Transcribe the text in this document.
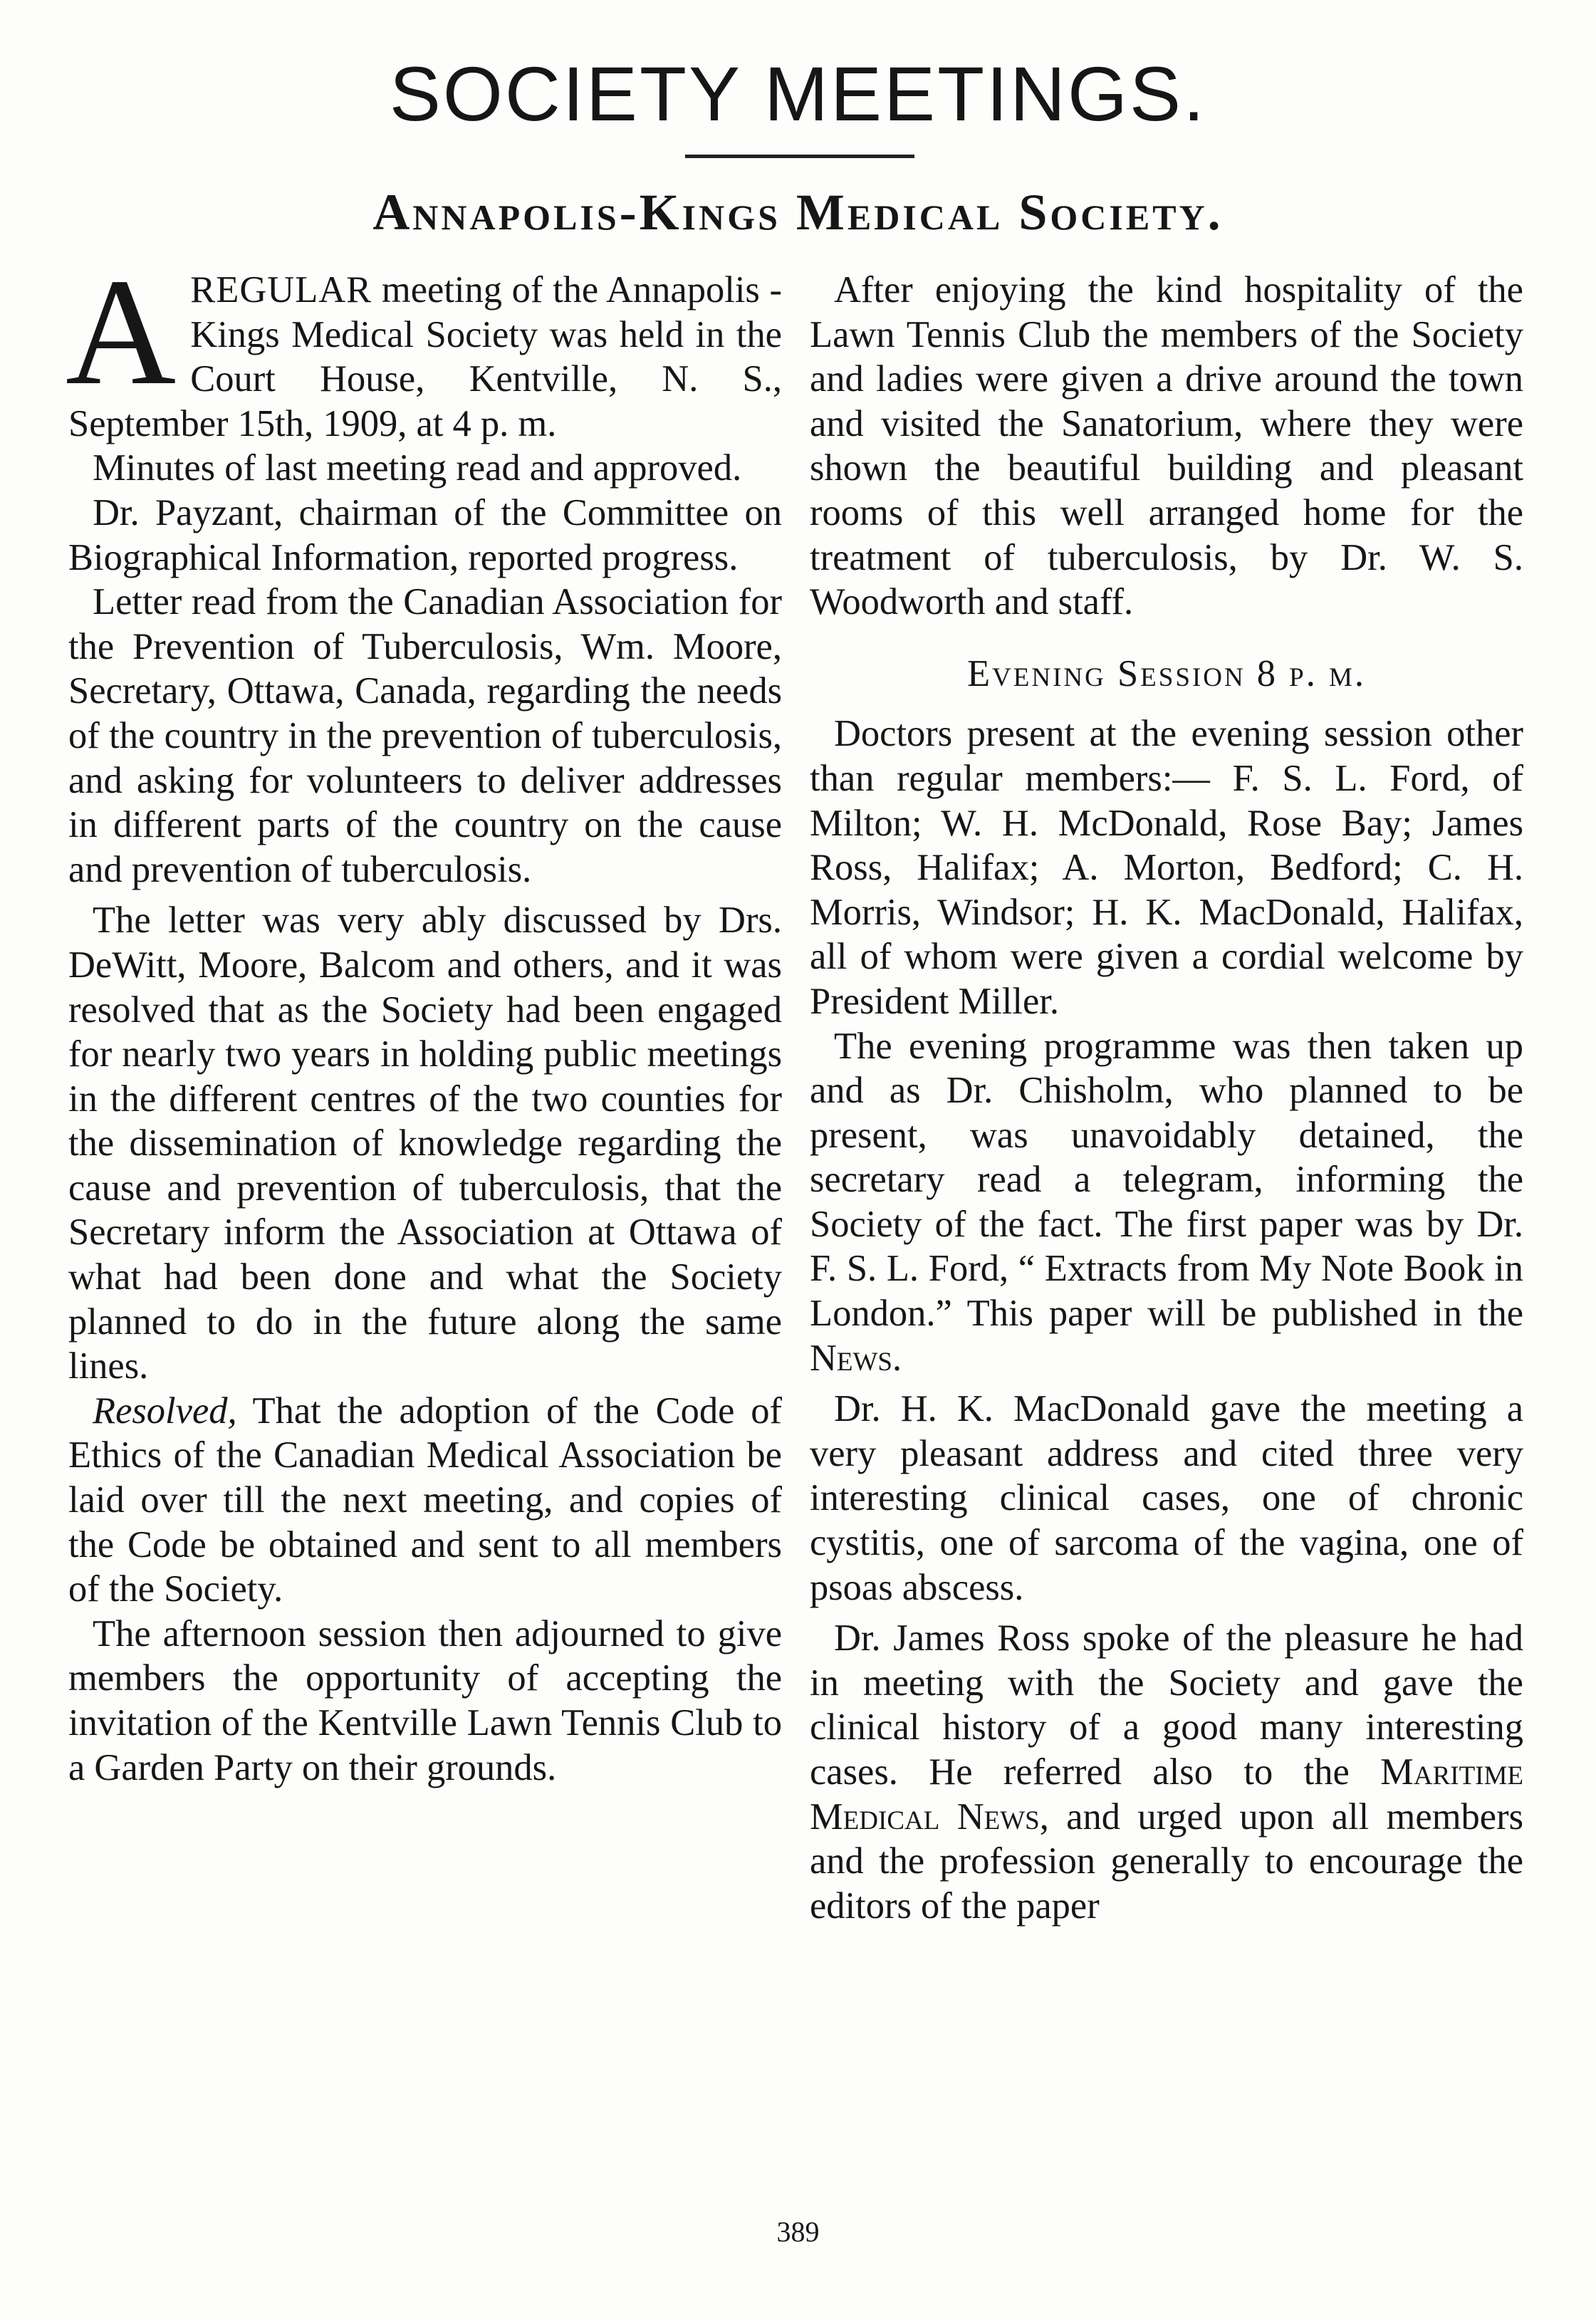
SOCIETY MEETINGS.
Annapolis-Kings Medical Society.

AREGULAR meeting of the Annapolis - Kings Medical Society was held in the Court House, Kentville, N. S., September 15th, 1909, at 4 p. m.

Minutes of last meeting read and approved.

Dr. Payzant, chairman of the Committee on Biographical Information, reported progress.

Letter read from the Canadian Association for the Prevention of Tuberculosis, Wm. Moore, Secretary, Ottawa, Canada, regarding the needs of the country in the prevention of tuberculosis, and asking for volunteers to deliver addresses in different parts of the country on the cause and prevention of tuberculosis.

The letter was very ably discussed by Drs. DeWitt, Moore, Balcom and others, and it was resolved that as the Society had been engaged for nearly two years in holding public meetings in the different centres of the two counties for the dissemination of knowledge regarding the cause and prevention of tuberculosis, that the Secretary inform the Association at Ottawa of what had been done and what the Society planned to do in the future along the same lines.

Resolved, That the adoption of the Code of Ethics of the Canadian Medical Association be laid over till the next meeting, and copies of the Code be obtained and sent to all members of the Society.

The afternoon session then adjourned to give members the opportunity of accepting the invitation of the Kentville Lawn Tennis Club to a Garden Party on their grounds.

After enjoying the kind hospitality of the Lawn Tennis Club the members of the Society and ladies were given a drive around the town and visited the Sanatorium, where they were shown the beautiful building and pleasant rooms of this well arranged home for the treatment of tuberculosis, by Dr. W. S. Woodworth and staff.

Evening Session 8 p. m.

Doctors present at the evening session other than regular members:— F. S. L. Ford, of Milton; W. H. McDonald, Rose Bay; James Ross, Halifax; A. Morton, Bedford; C. H. Morris, Windsor; H. K. MacDonald, Halifax, all of whom were given a cordial welcome by President Miller.

The evening programme was then taken up and as Dr. Chisholm, who planned to be present, was unavoidably detained, the secretary read a telegram, informing the Society of the fact. The first paper was by Dr. F. S. L. Ford, “ Extracts from My Note Book in London.” This paper will be published in the News.

Dr. H. K. MacDonald gave the meeting a very pleasant address and cited three very interesting clinical cases, one of chronic cystitis, one of sarcoma of the vagina, one of psoas abscess.

Dr. James Ross spoke of the pleasure he had in meeting with the Society and gave the clinical history of a good many interesting cases. He referred also to the Maritime Medical News, and urged upon all members and the profession generally to encourage the editors of the paper

389
